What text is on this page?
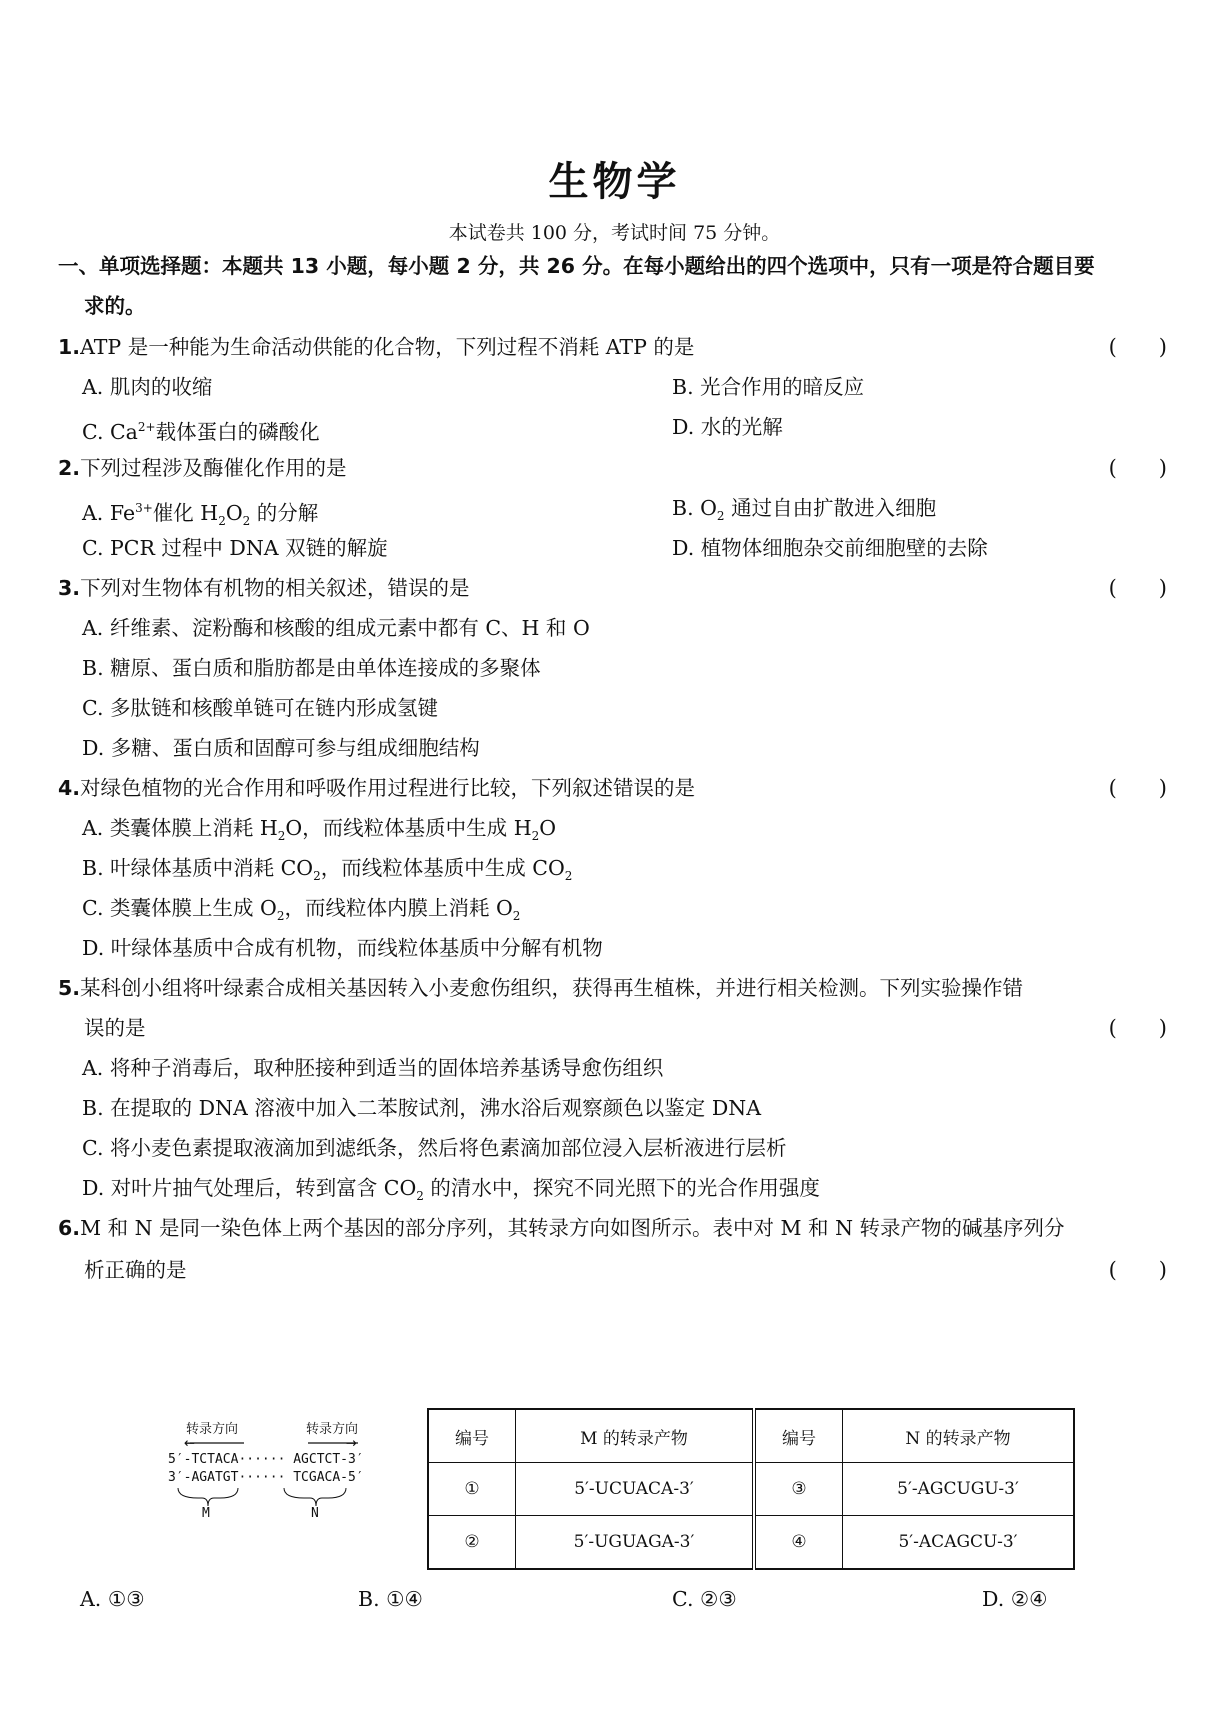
生物学
本试卷共 100 分，考试时间 75 分钟。
一、单项选择题：本题共 13 小题，每小题 2 分，共 26 分。在每小题给出的四个选项中，只有一项是符合题目要
求的。
1.ATP 是一种能为生命活动供能的化合物，下列过程不消耗 ATP 的是	(　　)
A. 肌肉的收缩	B. 光合作用的暗反应
C. $Ca^{2+}$载体蛋白的磷酸化	D. 水的光解
2.下列过程涉及酶催化作用的是	(　　)
A. $Fe^{3+}$催化 $H_2O_2$ 的分解	B. $O_2$ 通过自由扩散进入细胞
C. PCR 过程中 DNA 双链的解旋	D. 植物体细胞杂交前细胞壁的去除
3.下列对生物体有机物的相关叙述，错误的是	(　　)
A. 纤维素、淀粉酶和核酸的组成元素中都有 C、H 和 O
B. 糖原、蛋白质和脂肪都是由单体连接成的多聚体
C. 多肽链和核酸单链可在链内形成氢键
D. 多糖、蛋白质和固醇可参与组成细胞结构
4.对绿色植物的光合作用和呼吸作用过程进行比较，下列叙述错误的是	(　　)
A. 类囊体膜上消耗 $H_2O$，而线粒体基质中生成 $H_2O$
B. 叶绿体基质中消耗 $CO_2$，而线粒体基质中生成 $CO_2$
C. 类囊体膜上生成 $O_2$，而线粒体内膜上消耗 $O_2$
D. 叶绿体基质中合成有机物，而线粒体基质中分解有机物
5.某科创小组将叶绿素合成相关基因转入小麦愈伤组织，获得再生植株，并进行相关检测。下列实验操作错
误的是	(　　)
A. 将种子消毒后，取种胚接种到适当的固体培养基诱导愈伤组织
B. 在提取的 DNA 溶液中加入二苯胺试剂，沸水浴后观察颜色以鉴定 DNA
C. 将小麦色素提取液滴加到滤纸条，然后将色素滴加部位浸入层析液进行层析
D. 对叶片抽气处理后，转到富含 $CO_2$ 的清水中，探究不同光照下的光合作用强度
6.M 和 N 是同一染色体上两个基因的部分序列，其转录方向如图所示。表中对 M 和 N 转录产物的碱基序列分
析正确的是	(　　)
转录方向	转录方向
←	→
5′-TCTACA······ AGCTCT-3′
3′-AGATGT······ TCGACA-5′
M	N
编号	M 的转录产物	编号	N 的转录产物
①	5′-UCUACA-3′	③	5′-AGCUGU-3′
②	5′-UGUAGA-3′	④	5′-ACAGCU-3′
A. ①③	B. ①④	C. ②③	D. ②④
